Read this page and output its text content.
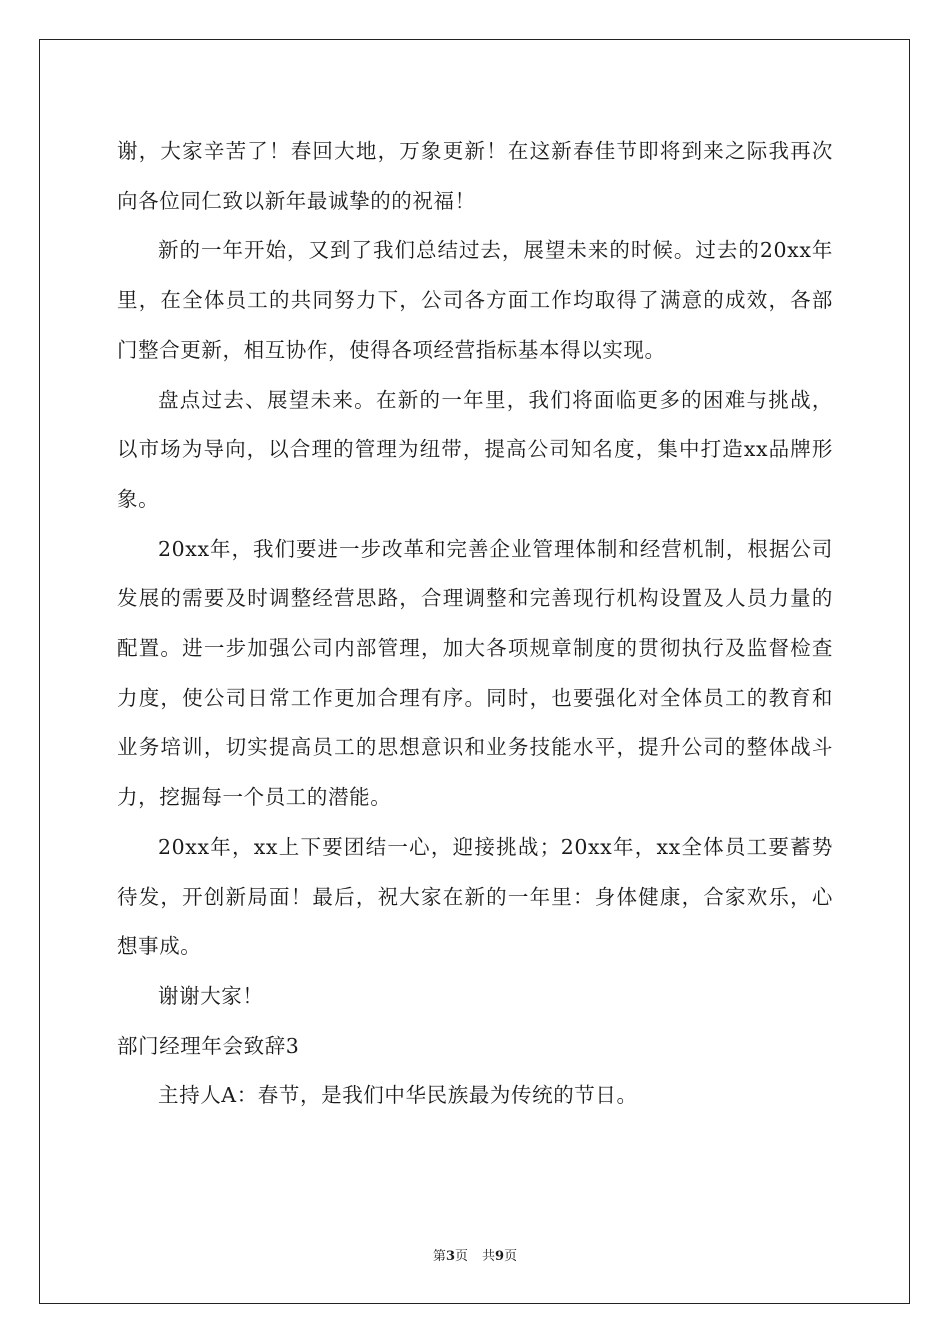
谢，大家辛苦了！春回大地，万象更新！在这新春佳节即将到来之际我再次向各位同仁致以新年最诚挚的的祝福！

新的一年开始，又到了我们总结过去，展望未来的时候。过去的20xx年里，在全体员工的共同努力下，公司各方面工作均取得了满意的成效，各部门整合更新，相互协作，使得各项经营指标基本得以实现。

盘点过去、展望未来。在新的一年里，我们将面临更多的困难与挑战，以市场为导向，以合理的管理为纽带，提高公司知名度，集中打造xx品牌形象。

20xx年，我们要进一步改革和完善企业管理体制和经营机制，根据公司发展的需要及时调整经营思路，合理调整和完善现行机构设置及人员力量的配置。进一步加强公司内部管理，加大各项规章制度的贯彻执行及监督检查力度，使公司日常工作更加合理有序。同时，也要强化对全体员工的教育和业务培训，切实提高员工的思想意识和业务技能水平，提升公司的整体战斗力，挖掘每一个员工的潜能。

20xx年，xx上下要团结一心，迎接挑战；20xx年，xx全体员工要蓄势待发，开创新局面！最后，祝大家在新的一年里：身体健康，合家欢乐，心想事成。

谢谢大家！

部门经理年会致辞3

主持人A：春节，是我们中华民族最为传统的节日。

第3页 共9页
